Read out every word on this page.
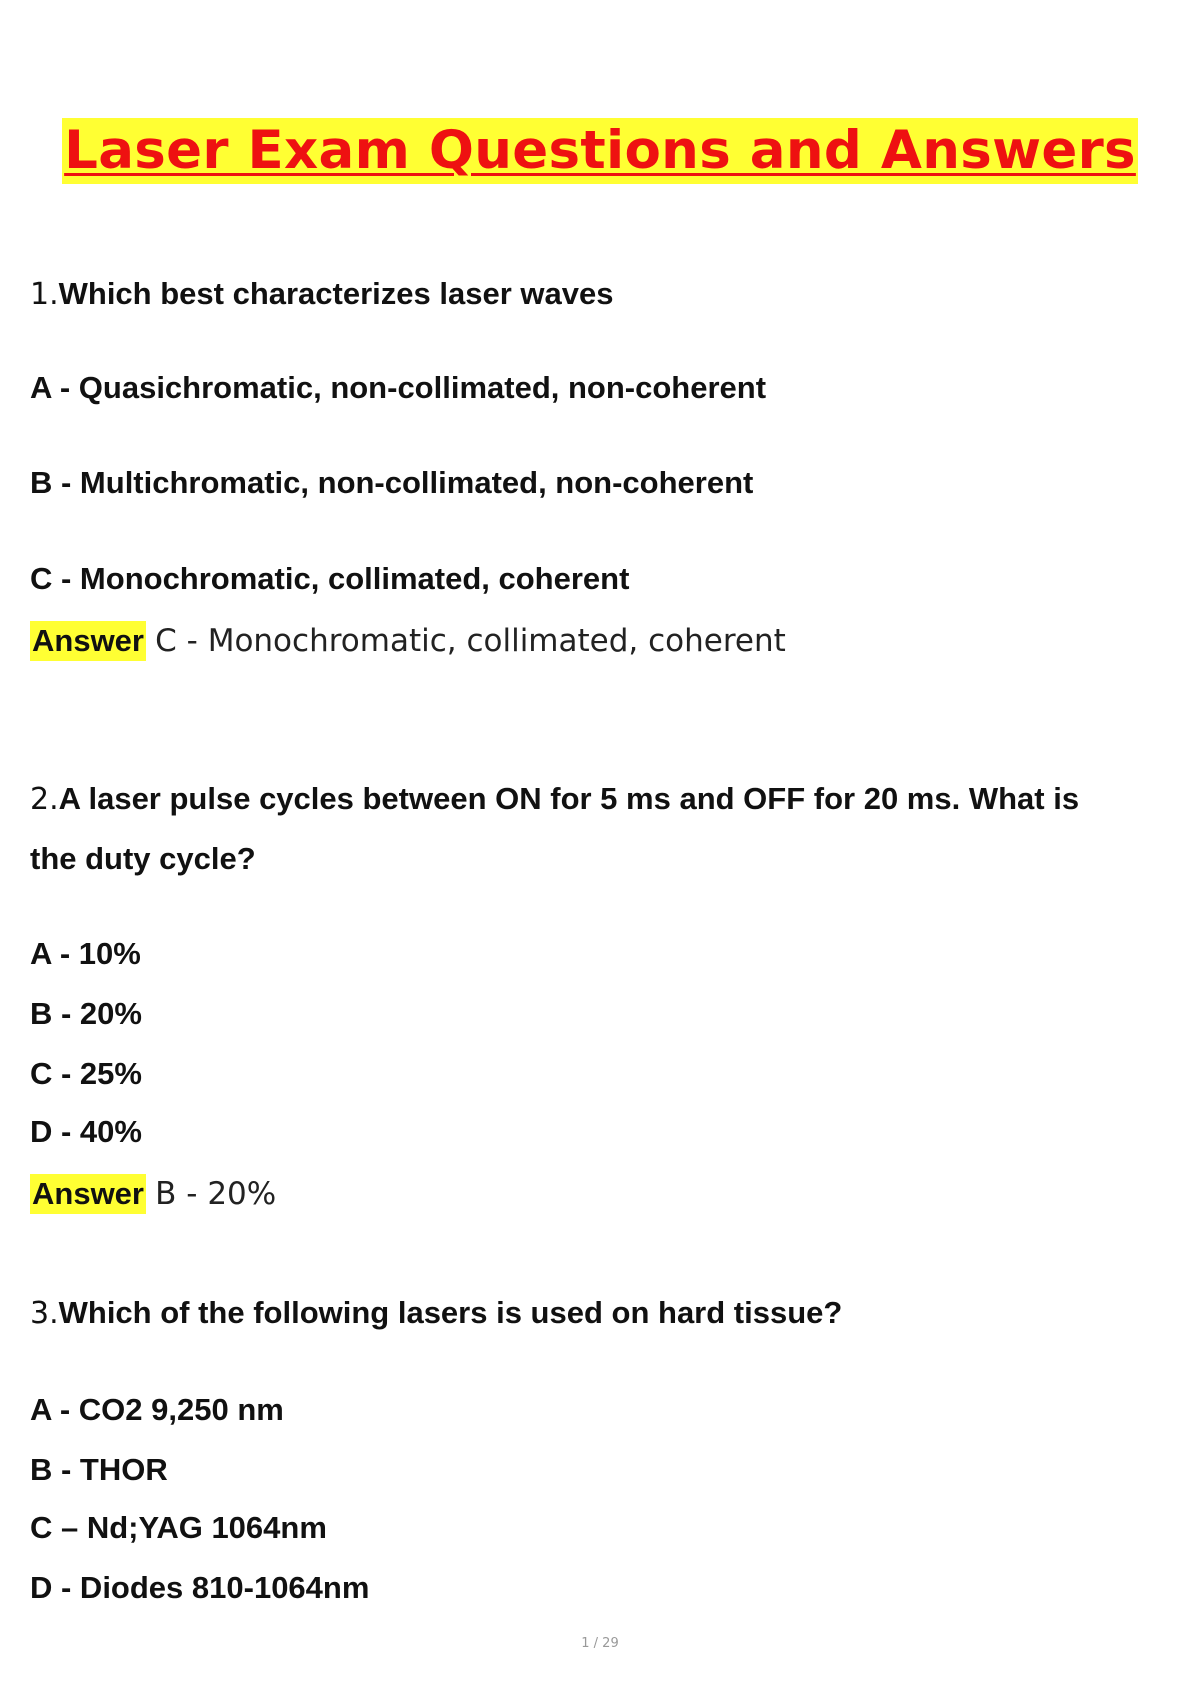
Laser Exam Questions and Answers
1.Which best characterizes laser waves
A - Quasichromatic, non-collimated, non-coherent
B - Multichromatic, non-collimated, non-coherent
C - Monochromatic, collimated, coherent
Answer C - Monochromatic, collimated, coherent
2.A laser pulse cycles between ON for 5 ms and OFF for 20 ms. What is
the duty cycle?
A - 10%
B - 20%
C - 25%
D - 40%
Answer B - 20%
3.Which of the following lasers is used on hard tissue?
A - CO2 9,250 nm
B - THOR
C – Nd;YAG 1064nm
D - Diodes 810-1064nm
1 / 29
